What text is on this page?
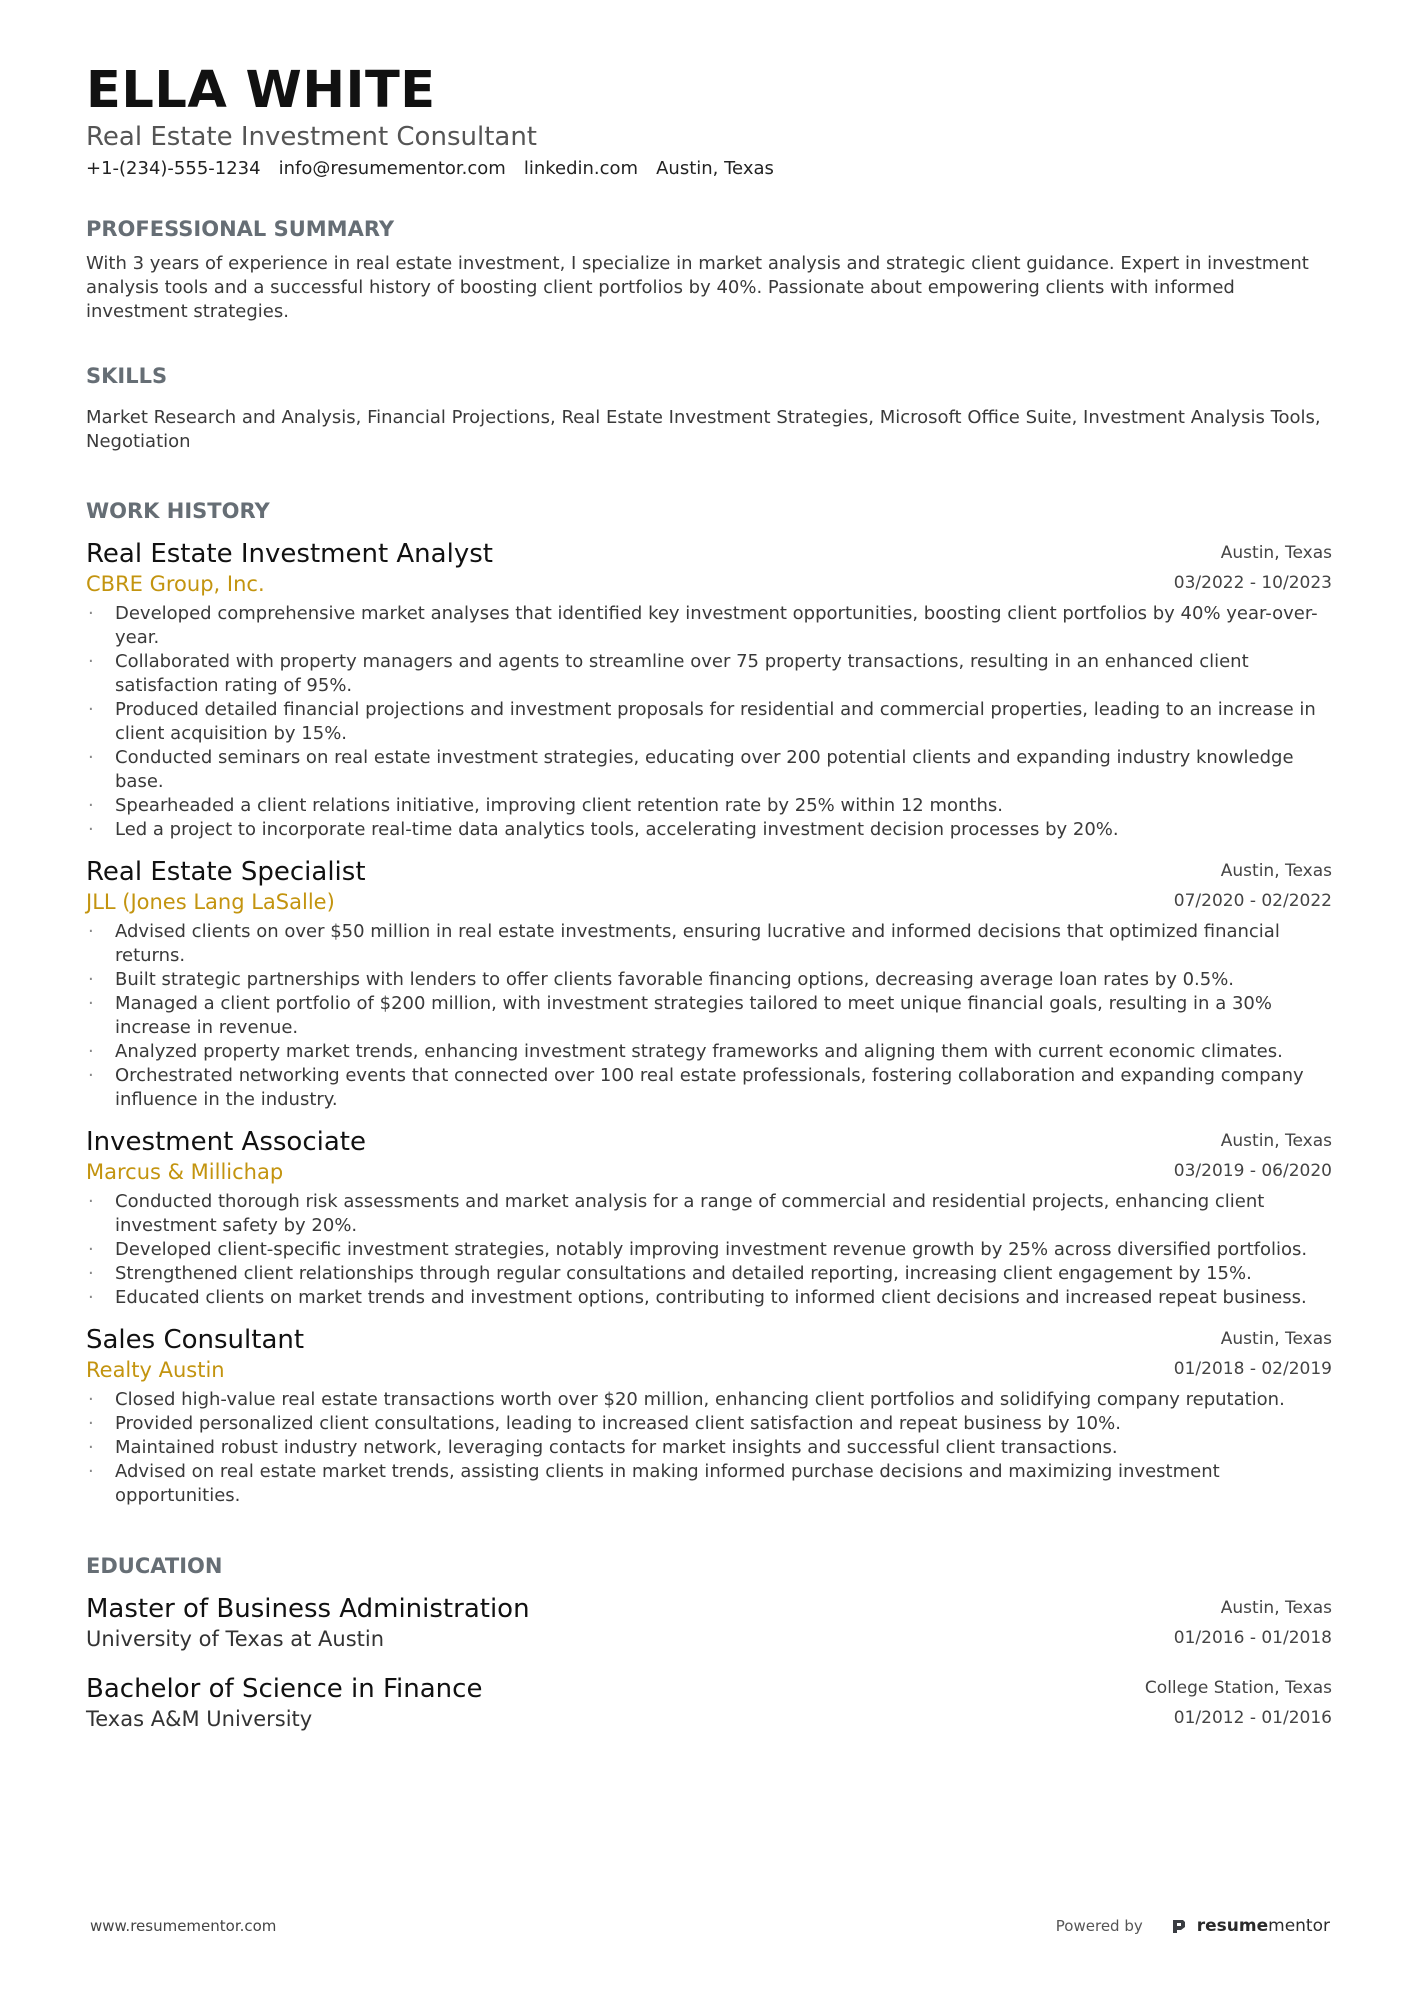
ELLA WHITE
Real Estate Investment Consultant
+1-(234)-555-1234 info@resumementor.com linkedin.com Austin, Texas
PROFESSIONAL SUMMARY
With 3 years of experience in real estate investment, I specialize in market analysis and strategic client guidance. Expert in investment analysis tools and a successful history of boosting client portfolios by 40%. Passionate about empowering clients with informed investment strategies.
SKILLS
Market Research and Analysis, Financial Projections, Real Estate Investment Strategies, Microsoft Office Suite, Investment Analysis Tools, Negotiation
WORK HISTORY
Real Estate Investment Analyst
CBRE Group, Inc.
Austin, Texas
03/2022 - 10/2023
· Developed comprehensive market analyses that identified key investment opportunities, boosting client portfolios by 40% year-over-year.
· Collaborated with property managers and agents to streamline over 75 property transactions, resulting in an enhanced client satisfaction rating of 95%.
· Produced detailed financial projections and investment proposals for residential and commercial properties, leading to an increase in client acquisition by 15%.
· Conducted seminars on real estate investment strategies, educating over 200 potential clients and expanding industry knowledge base.
· Spearheaded a client relations initiative, improving client retention rate by 25% within 12 months.
· Led a project to incorporate real-time data analytics tools, accelerating investment decision processes by 20%.
Real Estate Specialist
JLL (Jones Lang LaSalle)
Austin, Texas
07/2020 - 02/2022
· Advised clients on over $50 million in real estate investments, ensuring lucrative and informed decisions that optimized financial returns.
· Built strategic partnerships with lenders to offer clients favorable financing options, decreasing average loan rates by 0.5%.
· Managed a client portfolio of $200 million, with investment strategies tailored to meet unique financial goals, resulting in a 30% increase in revenue.
· Analyzed property market trends, enhancing investment strategy frameworks and aligning them with current economic climates.
· Orchestrated networking events that connected over 100 real estate professionals, fostering collaboration and expanding company influence in the industry.
Investment Associate
Marcus & Millichap
Austin, Texas
03/2019 - 06/2020
· Conducted thorough risk assessments and market analysis for a range of commercial and residential projects, enhancing client investment safety by 20%.
· Developed client-specific investment strategies, notably improving investment revenue growth by 25% across diversified portfolios.
· Strengthened client relationships through regular consultations and detailed reporting, increasing client engagement by 15%.
· Educated clients on market trends and investment options, contributing to informed client decisions and increased repeat business.
Sales Consultant
Realty Austin
Austin, Texas
01/2018 - 02/2019
· Closed high-value real estate transactions worth over $20 million, enhancing client portfolios and solidifying company reputation.
· Provided personalized client consultations, leading to increased client satisfaction and repeat business by 10%.
· Maintained robust industry network, leveraging contacts for market insights and successful client transactions.
· Advised on real estate market trends, assisting clients in making informed purchase decisions and maximizing investment opportunities.
EDUCATION
Master of Business Administration
University of Texas at Austin
Austin, Texas
01/2016 - 01/2018
Bachelor of Science in Finance
Texas A&M University
College Station, Texas
01/2012 - 01/2016
www.resumementor.com	Powered by	resumementor
